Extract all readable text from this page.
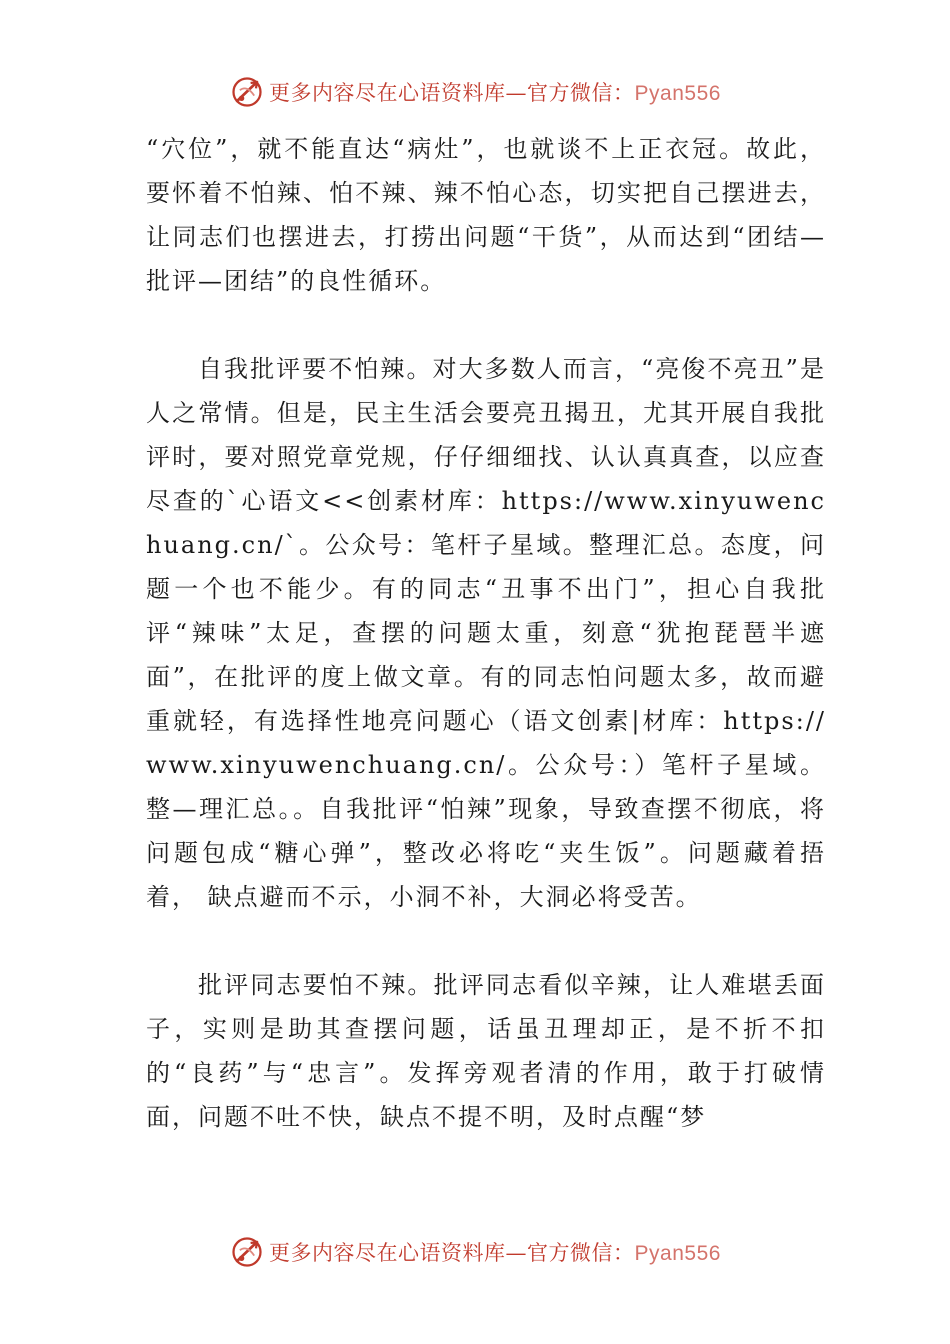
更多内容尽在心语资料库—官方微信：Pyan556

“穴位”，就不能直达“病灶”，也就谈不上正衣冠。故此，要怀着不怕辣、怕不辣、辣不怕心态，切实把自己摆进去，让同志们也摆进去，打捞出问题“干货”，从而达到“团结—批评—团结”的良性循环。

自我批评要不怕辣。对大多数人而言，“亮俊不亮丑”是人之常情。但是，民主生活会要亮丑揭丑，尤其开展自我批评时，要对照党章党规，仔仔细细找、认认真真查，以应查尽查的`心语文<<创素材库：https://www.xinyuwenchuang.cn/`。公众号：笔杆子星域。整理汇总。态度，问题一个也不能少。有的同志“丑事不出门”，担心自我批评“辣味”太足，查摆的问题太重，刻意“犹抱琵琶半遮面”，在批评的度上做文章。有的同志怕问题太多，故而避重就轻，有选择性地亮问题心（语文创素|材库：https://www.xinyuwenchuang.cn/。公众号：）笔杆子星域。整—理汇总。。自我批评“怕辣”现象，导致查摆不彻底，将问题包成“糖心弹”，整改必将吃“夹生饭”。问题藏着捂着， 缺点避而不示，小洞不补，大洞必将受苦。

批评同志要怕不辣。批评同志看似辛辣，让人难堪丢面子，实则是助其查摆问题，话虽丑理却正，是不折不扣的“良药”与“忠言”。发挥旁观者清的作用，敢于打破情面，问题不吐不快，缺点不提不明，及时点醒“梦

更多内容尽在心语资料库—官方微信：Pyan556
